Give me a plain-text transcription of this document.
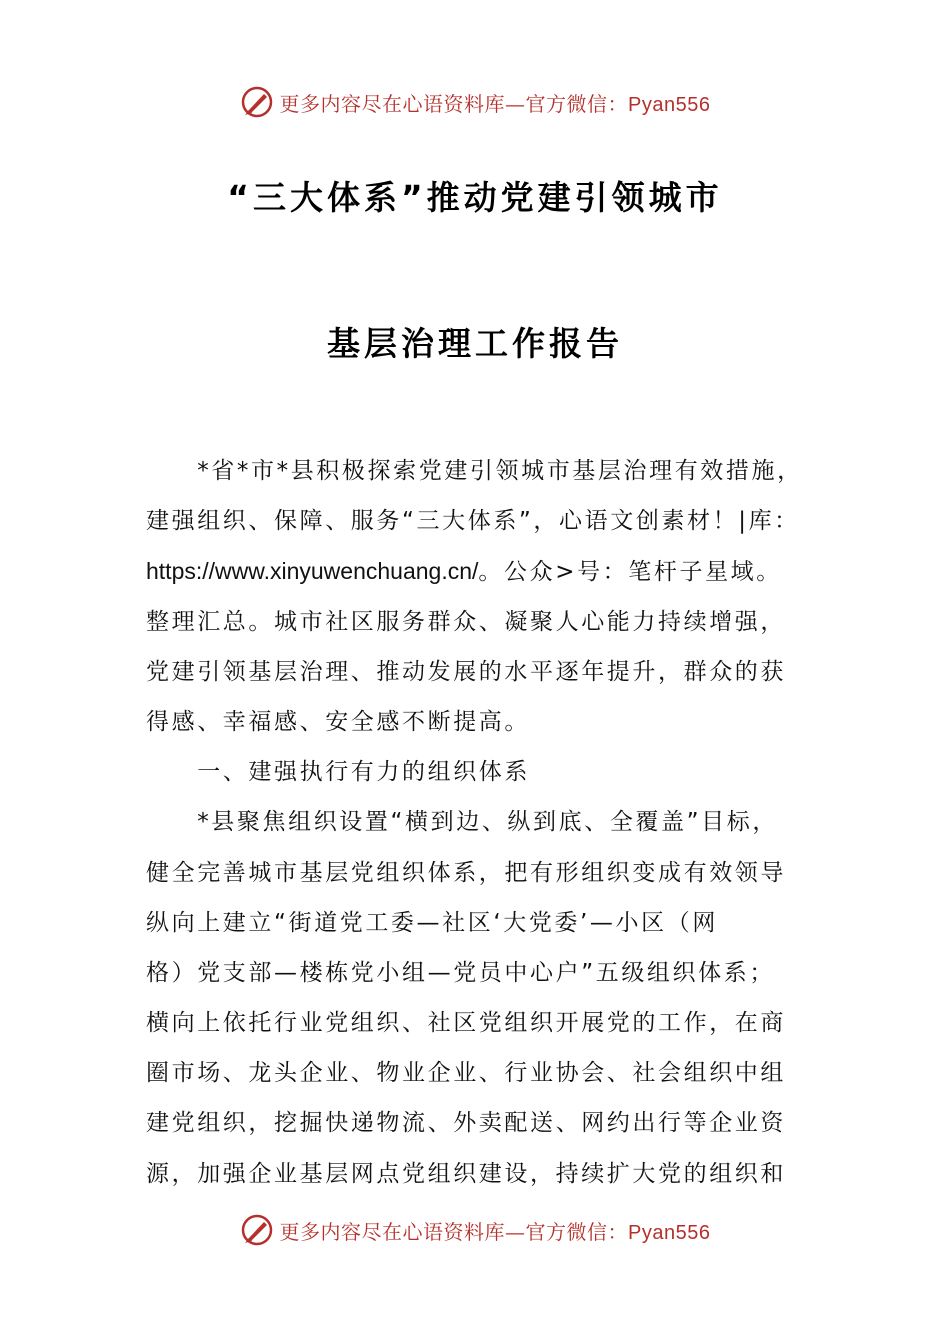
更多内容尽在心语资料库—官方微信：Pyan556
“三大体系”推动党建引领城市
基层治理工作报告
　　*省*市*县积极探索党建引领城市基层治理有效措施，
建强组织、保障、服务“三大体系”，心语文创素材！|库：
https://www.xinyuwenchuang.cn/。公众>号：笔杆子星域。
整理汇总。城市社区服务群众、凝聚人心能力持续增强，
党建引领基层治理、推动发展的水平逐年提升，群众的获
得感、幸福感、安全感不断提高。
　　一、建强执行有力的组织体系
　　*县聚焦组织设置“横到边、纵到底、全覆盖”目标，
健全完善城市基层党组织体系，把有形组织变成有效领导
纵向上建立“街道党工委—社区‘大党委’—小区（网
格）党支部—楼栋党小组—党员中心户”五级组织体系；
横向上依托行业党组织、社区党组织开展党的工作，在商
圈市场、龙头企业、物业企业、行业协会、社会组织中组
建党组织，挖掘快递物流、外卖配送、网约出行等企业资
源，加强企业基层网点党组织建设，持续扩大党的组织和
更多内容尽在心语资料库—官方微信：Pyan556
